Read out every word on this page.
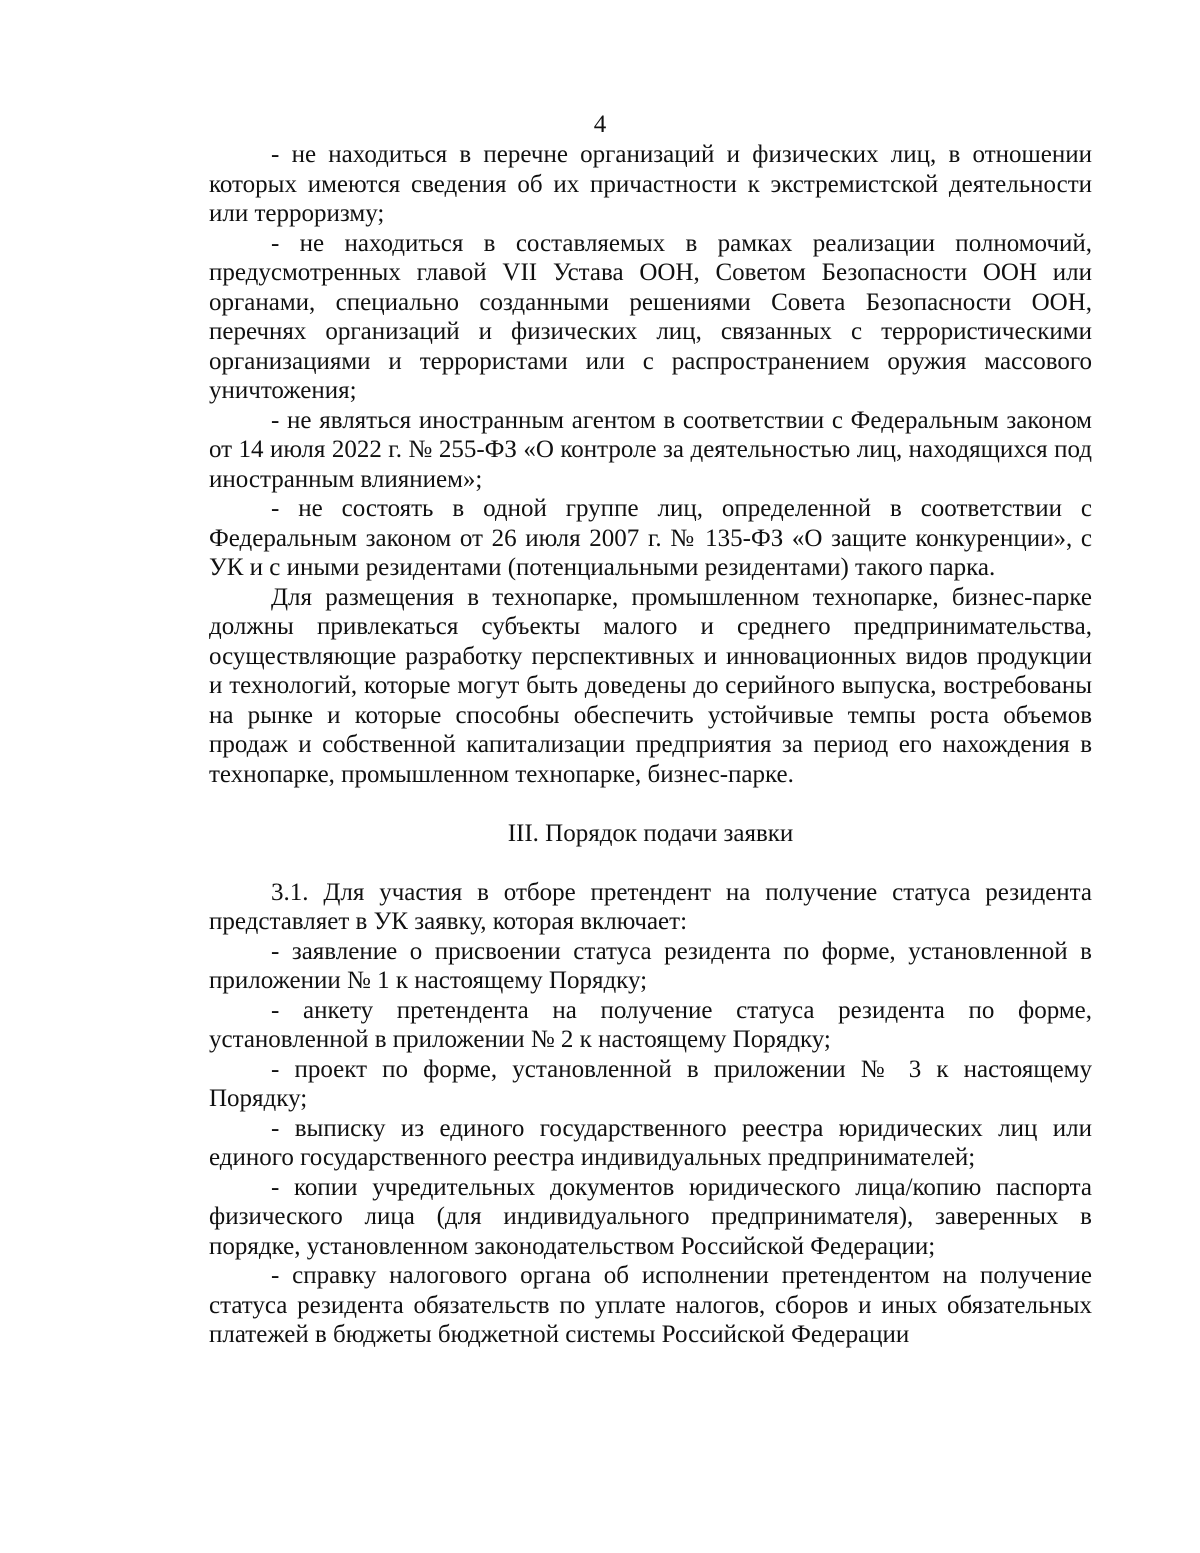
4

- не находиться в перечне организаций и физических лиц, в отношении которых имеются сведения об их причастности к экстремистской деятельности или терроризму;

- не находиться в составляемых в рамках реализации полномочий, предусмотренных главой VII Устава ООН, Советом Безопасности ООН или органами, специально созданными решениями Совета Безопасности ООН, перечнях организаций и физических лиц, связанных с террористическими организациями и террористами или с распространением оружия массового уничтожения;

- не являться иностранным агентом в соответствии с Федеральным законом от 14 июля 2022 г. № 255-ФЗ «О контроле за деятельностью лиц, находящихся под иностранным влиянием»;

- не состоять в одной группе лиц, определенной в соответствии с Федеральным законом от 26 июля 2007 г. № 135-ФЗ «О защите конкуренции», с УК и с иными резидентами (потенциальными резидентами) такого парка.

Для размещения в технопарке, промышленном технопарке, бизнес-парке должны привлекаться субъекты малого и среднего предпринимательства, осуществляющие разработку перспективных и инновационных видов продукции и технологий, которые могут быть доведены до серийного выпуска, востребованы на рынке и которые способны обеспечить устойчивые темпы роста объемов продаж и собственной капитализации предприятия за период его нахождения в технопарке, промышленном технопарке, бизнес-парке.

III. Порядок подачи заявки

3.1. Для участия в отборе претендент на получение статуса резидента представляет в УК заявку, которая включает:

- заявление о присвоении статуса резидента по форме, установленной в приложении № 1 к настоящему Порядку;

- анкету претендента на получение статуса резидента по форме, установленной в приложении № 2 к настоящему Порядку;

- проект по форме, установленной в приложении № 3 к настоящему Порядку;

- выписку из единого государственного реестра юридических лиц или единого государственного реестра индивидуальных предпринимателей;

- копии учредительных документов юридического лица/копию паспорта физического лица (для индивидуального предпринимателя), заверенных в порядке, установленном законодательством Российской Федерации;

- справку налогового органа об исполнении претендентом на получение статуса резидента обязательств по уплате налогов, сборов и иных обязательных платежей в бюджеты бюджетной системы Российской Федерации
